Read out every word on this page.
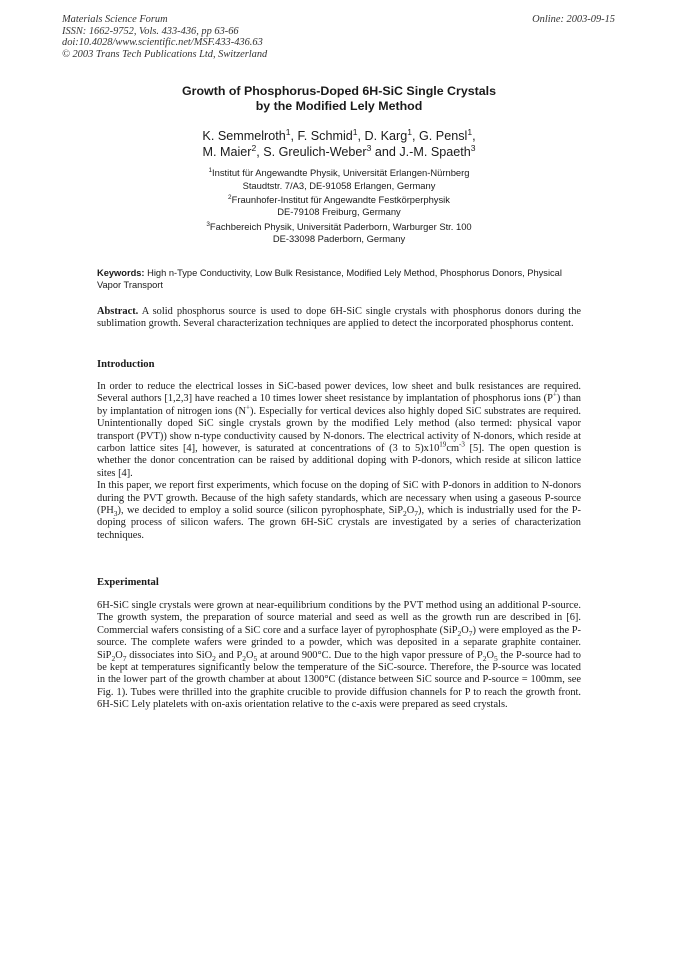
Materials Science Forum
ISSN: 1662-9752, Vols. 433-436, pp 63-66
doi:10.4028/www.scientific.net/MSF.433-436.63
© 2003 Trans Tech Publications Ltd, Switzerland
Online: 2003-09-15
Growth of Phosphorus-Doped 6H-SiC Single Crystals
by the Modified Lely Method
K. Semmelroth$^1$, F. Schmid$^1$, D. Karg$^1$, G. Pensl$^1$,
M. Maier$^2$, S. Greulich-Weber$^3$ and J.-M. Spaeth$^3$
$^1$Institut für Angewandte Physik, Universität Erlangen-Nürnberg
Staudtstr. 7/A3, DE-91058 Erlangen, Germany
$^2$Fraunhofer-Institut für Angewandte Festkörperphysik
DE-79108 Freiburg, Germany
$^3$Fachbereich Physik, Universität Paderborn, Warburger Str. 100
DE-33098 Paderborn, Germany
Keywords: High n-Type Conductivity, Low Bulk Resistance, Modified Lely Method, Phosphorus Donors, Physical Vapor Transport
Abstract. A solid phosphorus source is used to dope 6H-SiC single crystals with phosphorus donors during the sublimation growth. Several characterization techniques are applied to detect the incorporated phosphorus content.
Introduction

In order to reduce the electrical losses in SiC-based power devices, low sheet and bulk resistances are required. Several authors [1,2,3] have reached a 10 times lower sheet resistance by implantation of phosphorus ions (P+) than by implantation of nitrogen ions (N+). Especially for vertical devices also highly doped SiC substrates are required. Unintentionally doped SiC single crystals grown by the modified Lely method (also termed: physical vapor transport (PVT)) show n-type conductivity caused by N-donors. The electrical activity of N-donors, which reside at carbon lattice sites [4], however, is saturated at concentrations of (3 to $5)x10^{19}cm^{-3}$ [5]. The open question is whether the donor concentration can be raised by additional doping with P-donors, which reside at silicon lattice sites [4].

In this paper, we report first experiments, which focuse on the doping of SiC with P-donors in addition to N-donors during the PVT growth. Because of the high safety standards, which are necessary when using a gaseous P-source $(PH_3)$, we decided to employ a solid source (silicon pyrophosphate, $SiP_2O_7$), which is industrially used for the P-doping process of silicon wafers. The grown 6H-SiC crystals are investigated by a series of characterization techniques.

Experimental

6H-SiC single crystals were grown at near-equilibrium conditions by the PVT method using an additional P-source. The growth system, the preparation of source material and seed as well as the growth run are described in [6]. Commercial wafers consisting of a SiC core and a surface layer of pyrophosphate $(SiP_2O_7)$ were employed as the P-source. The complete wafers were grinded to a powder, which was deposited in a separate graphite container. $SiP_2O_7$ dissociates into SiO$_2$ and $P_2O_5$ at around 900°C. Due to the high vapor pressure of $P_2O_5$ the P-source had to be kept at temperatures significantly below the temperature of the SiC-source. Therefore, the P-source was located in the lower part of the growth chamber at about 1300°C (distance between SiC source and P-source = 100mm, see Fig. 1). Tubes were thrilled into the graphite crucible to provide diffusion channels for P to reach the growth front. 6H-SiC Lely platelets with on-axis orientation relative to the c-axis were prepared as seed crystals.
